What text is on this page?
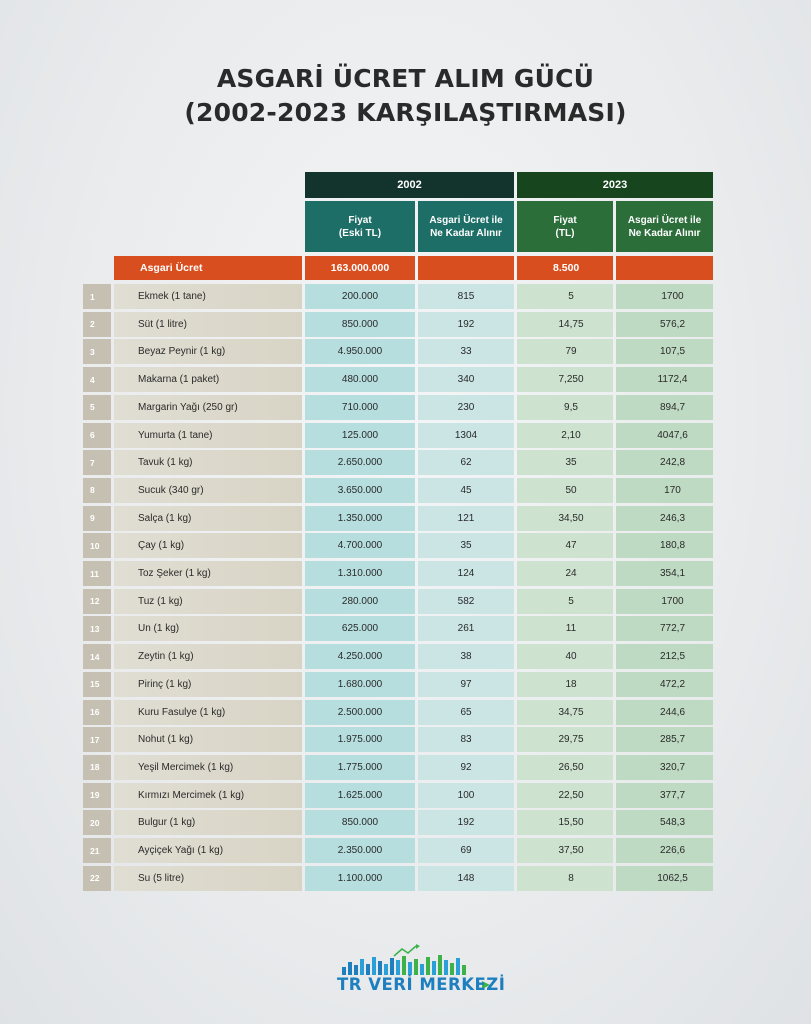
ASGARİ ÜCRET ALIM GÜCÜ
(2002-2023 KARŞILAŞTIRMASI)
2002	2023
Fiyat
(Eski TL)
Asgari Ücret ile
Ne Kadar Alınır
Fiyat
(TL)
Asgari Ücret ile
Ne Kadar Alınır
Asgari Ücret	163.000.000	8.500
1	Ekmek (1 tane)	200.000	815	5	1700
2	Süt (1 litre)	850.000	192	14,75	576,2
3	Beyaz Peynir (1 kg)	4.950.000	33	79	107,5
4	Makarna (1 paket)	480.000	340	7,250	1172,4
5	Margarin Yağı (250 gr)	710.000	230	9,5	894,7
6	Yumurta (1 tane)	125.000	1304	2,10	4047,6
7	Tavuk (1 kg)	2.650.000	62	35	242,8
8	Sucuk (340 gr)	3.650.000	45	50	170
9	Salça (1 kg)	1.350.000	121	34,50	246,3
10	Çay (1 kg)	4.700.000	35	47	180,8
11	Toz Şeker (1 kg)	1.310.000	124	24	354,1
12	Tuz (1 kg)	280.000	582	5	1700
13	Un (1 kg)	625.000	261	11	772,7
14	Zeytin (1 kg)	4.250.000	38	40	212,5
15	Pirinç (1 kg)	1.680.000	97	18	472,2
16	Kuru Fasulye (1 kg)	2.500.000	65	34,75	244,6
17	Nohut (1 kg)	1.975.000	83	29,75	285,7
18	Yeşil Mercimek (1 kg)	1.775.000	92	26,50	320,7
19	Kırmızı Mercimek (1 kg)	1.625.000	100	22,50	377,7
20	Bulgur (1 kg)	850.000	192	15,50	548,3
21	Ayçiçek Yağı (1 kg)	2.350.000	69	37,50	226,6
22	Su (5 litre)	1.100.000	148	8	1062,5
TR VERİ MERKEZİ
